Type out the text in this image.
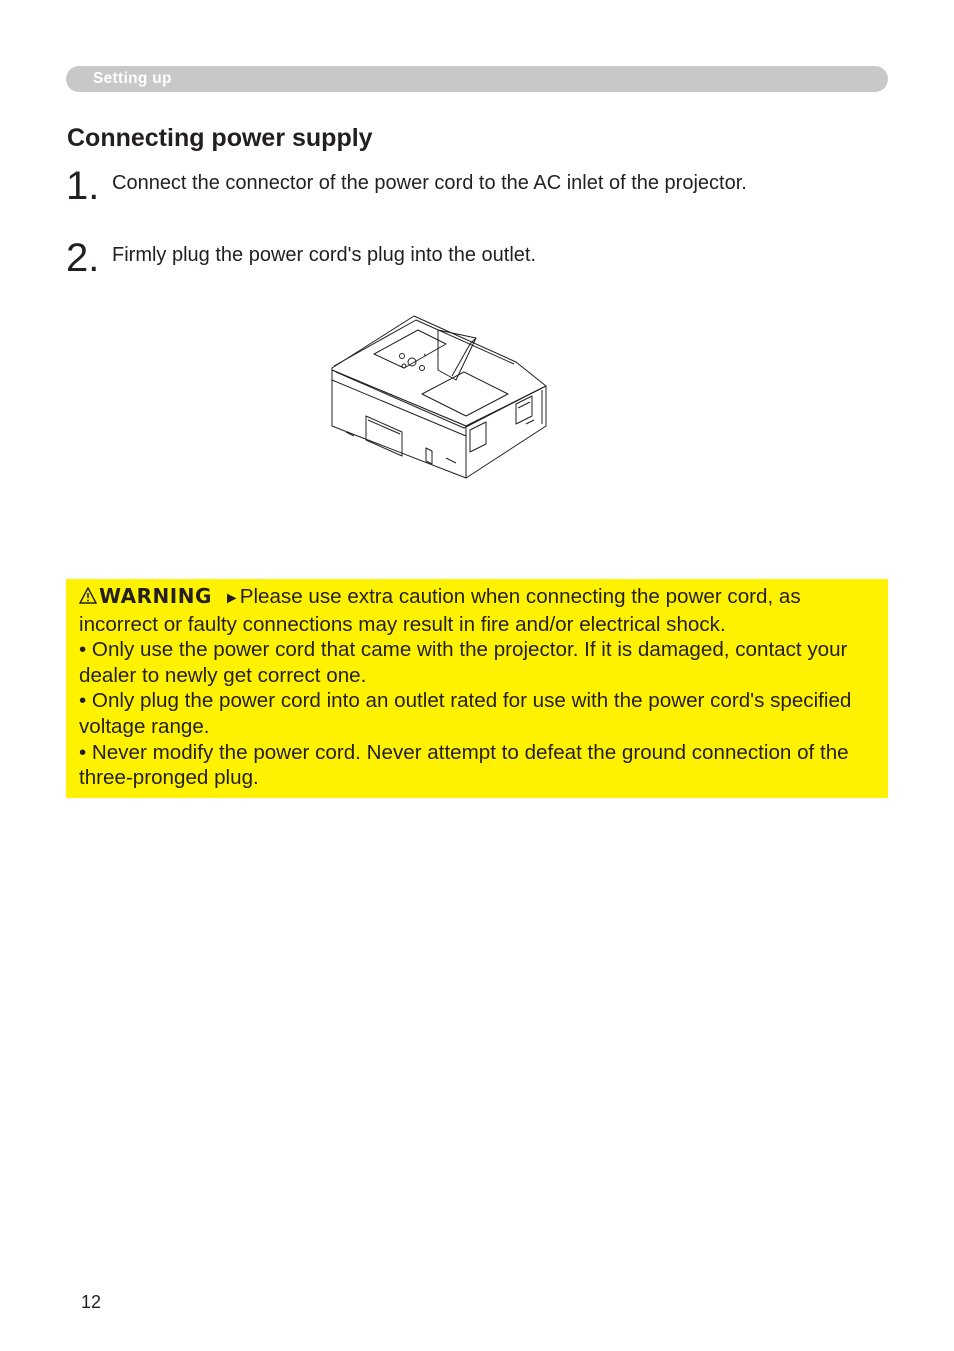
Setting up
Connecting power supply
1. Connect the connector of the power cord to the AC inlet of the projector.
2. Firmly plug the power cord's plug into the outlet.

WARNING ►Please use extra caution when connecting the power cord, as incorrect or faulty connections may result in fire and/or electrical shock.

• Only use the power cord that came with the projector. If it is damaged, contact your dealer to newly get correct one.

• Only plug the power cord into an outlet rated for use with the power cord's specified voltage range.

• Never modify the power cord. Never attempt to defeat the ground connection of the three-pronged plug.

12
